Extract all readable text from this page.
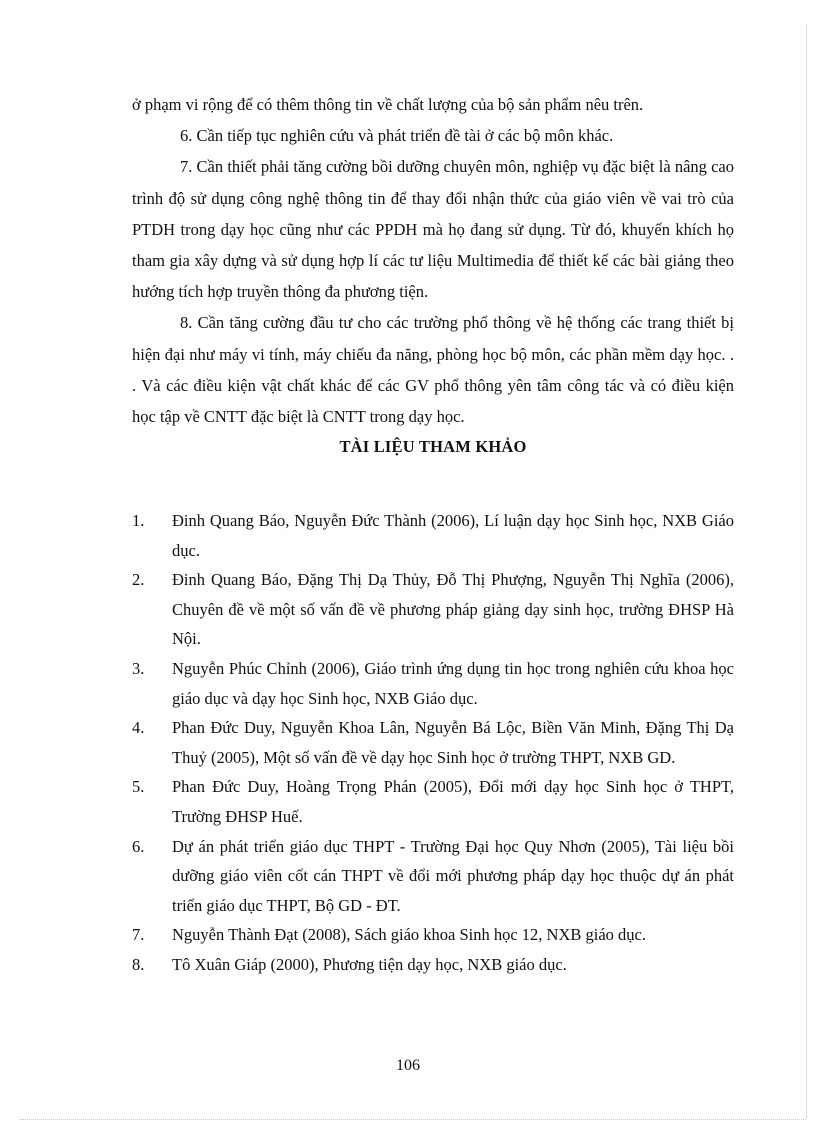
ở phạm vi rộng để có thêm thông tin về chất lượng của bộ sản phẩm nêu trên.

6. Cần tiếp tục nghiên cứu và phát triển đề tài ở các bộ môn khác.

7. Cần thiết phải tăng cường bồi dưỡng chuyên môn, nghiệp vụ đặc biệt là nâng cao trình độ sử dụng công nghệ thông tin để thay đổi nhận thức của giáo viên về vai trò của PTDH trong dạy học cũng như các PPDH mà họ đang sử dụng. Từ đó, khuyến khích họ tham gia xây dựng và sử dụng hợp lí các tư liệu Multimedia để thiết kế các bài giảng theo hướng tích hợp truyền thông đa phương tiện.

8. Cần tăng cường đầu tư cho các trường phổ thông về hệ thống các trang thiết bị hiện đại như máy vi tính, máy chiếu đa năng, phòng học bộ môn, các phần mềm dạy học. . . Và các điều kiện vật chất khác để các GV phổ thông yên tâm công tác và có điều kiện học tập về CNTT đặc biệt là CNTT trong dạy học.

TÀI LIỆU THAM KHẢO
1. Đinh Quang Báo, Nguyễn Đức Thành (2006), Lí luận dạy học Sinh học, NXB Giáo dục.
2. Đinh Quang Báo, Đặng Thị Dạ Thủy, Đỗ Thị Phượng, Nguyễn Thị Nghĩa (2006), Chuyên đề về một số vấn đề về phương pháp giảng dạy sinh học, trường ĐHSP Hà Nội.
3. Nguyễn Phúc Chỉnh (2006), Giáo trình ứng dụng tin học trong nghiên cứu khoa học giáo dục và dạy học Sinh học, NXB Giáo dục.
4. Phan Đức Duy, Nguyễn Khoa Lân, Nguyễn Bá Lộc, Biền Văn Minh, Đặng Thị Dạ Thuỷ (2005), Một số vấn đề về dạy học Sinh học ở trường THPT, NXB GD.
5. Phan Đức Duy, Hoàng Trọng Phán (2005), Đổi mới dạy học Sinh học ở THPT, Trường ĐHSP Huế.
6. Dự án phát triển giáo dục THPT - Trường Đại học Quy Nhơn (2005), Tài liệu bồi dưỡng giáo viên cốt cán THPT về đổi mới phương pháp dạy học thuộc dự án phát triển giáo dục THPT, Bộ GD - ĐT.
7. Nguyễn Thành Đạt (2008), Sách giáo khoa Sinh học 12, NXB giáo dục.
8. Tô Xuân Giáp (2000), Phương tiện dạy học, NXB giáo dục.
106
